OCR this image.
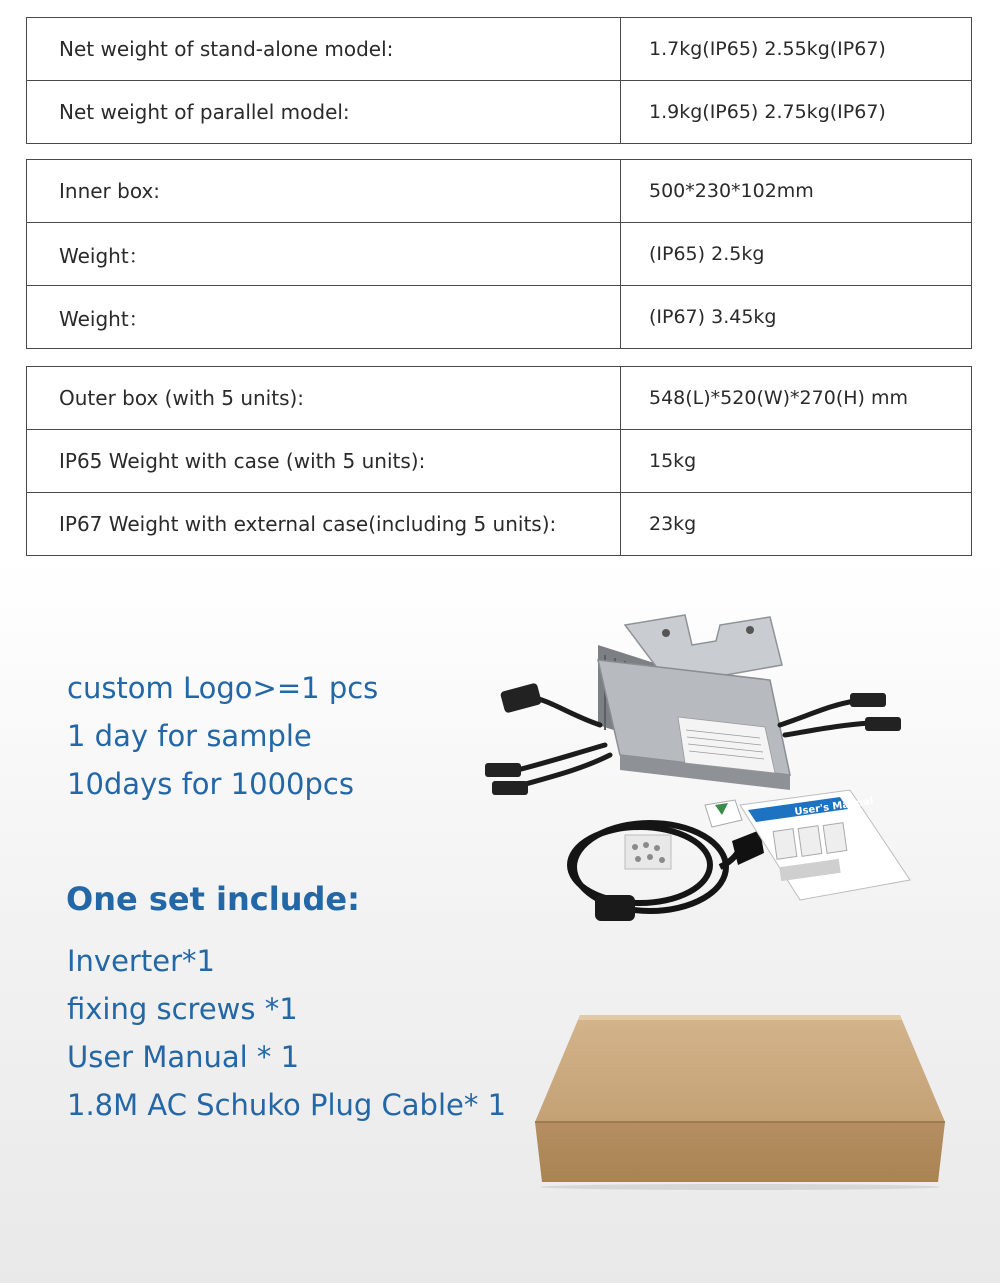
Net weight of stand-alone model:	1.7kg(IP65) 2.55kg(IP67)
Net weight of parallel model:	1.9kg(IP65) 2.75kg(IP67)
Inner box:	500*230*102mm
Weight：	(IP65) 2.5kg
Weight：	(IP67) 3.45kg
Outer box (with 5 units):	548(L)*520(W)*270(H) mm
IP65 Weight with case (with 5 units):	15kg
IP67 Weight with external case(including 5 units):	23kg
custom Logo>=1 pcs
1 day for sample
10days for 1000pcs
One set include:
Inverter*1
fixing screws *1
User Manual * 1
1.8M AC Schuko Plug Cable* 1
User's Manual
